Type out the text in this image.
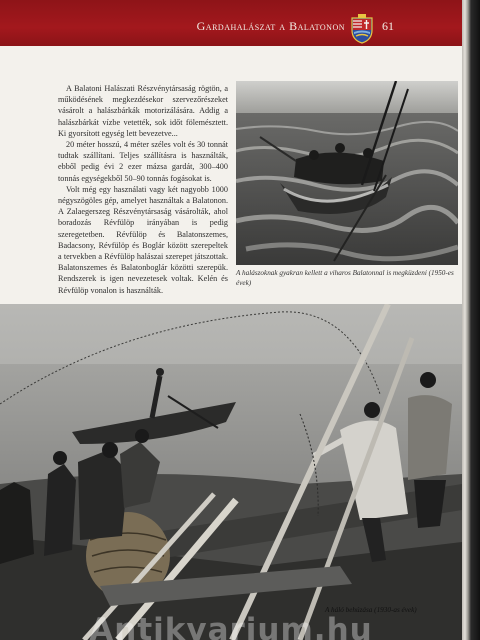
Gardahalászat a Balatonon	61

A Balatoni Halászati Részvénytársaság rögtön, a működésének megkezdésekor szervezőrészeket vásárolt a halászbárkák motorizálására. Addig a halászbárkát vízbe vetették, sok időt fölemésztett. Ki gyorsított egység lett bevezetve...

20 méter hosszú, 4 méter széles volt és 30 tonnát tudtak szállítani. Teljes szállításra is használták, ebből pedig évi 2 ezer mázsa gardát, 300–400 tonnás egységekből 50–90 tonnás fogásokat is.

Volt még egy használati vagy két nagyobb 1000 négyszögöles gép, amelyet használtak a Balatonon. A Zalaegerszeg Részvénytársaság vásárolták, ahol boradozás Révfülöp irányában is pedig szeregetetben. Révfülöp és Balatonszemes, Badacsony, Révfülöp és Boglár között szerepeltek a tervekben a Révfülöp halászai szerepet játszottak. Balatonszemes és Balatonboglár közötti szerepük. Rendszerek is igen nevezetesek voltak. Kelén és Révfülöp vonalon is használták.

A halászoknak gyakran kellett a viharos Balatonnal is megküzdeni (1950-es évek)
A háló behúzása (1930-as évek)
Antikvarium.hu
